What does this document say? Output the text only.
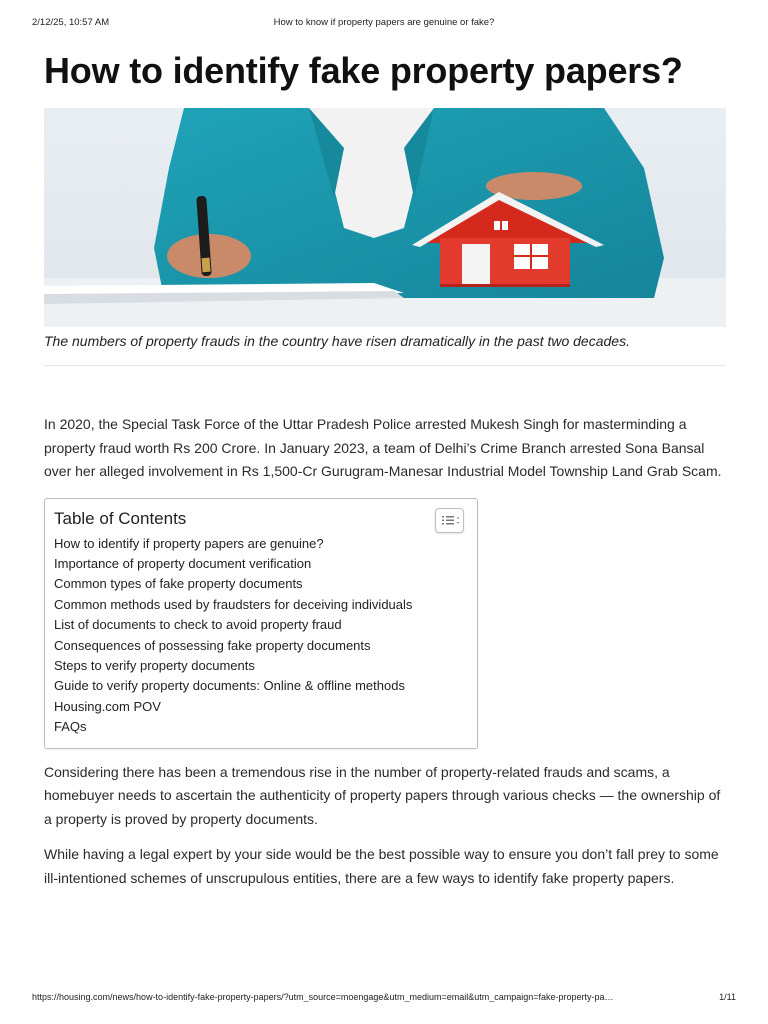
2/12/25, 10:57 AM	How to know if property papers are genuine or fake?
How to identify fake property papers?
The numbers of property frauds in the country have risen dramatically in the past two decades.

In 2020, the Special Task Force of the Uttar Pradesh Police arrested Mukesh Singh for masterminding a property fraud worth Rs 200 Crore. In January 2023, a team of Delhi’s Crime Branch arrested Sona Bansal over her alleged involvement in Rs 1,500-Cr Gurugram-Manesar Industrial Model Township Land Grab Scam.

Table of Contents
How to identify if property papers are genuine?
Importance of property document verification
Common types of fake property documents
Common methods used by fraudsters for deceiving individuals
List of documents to check to avoid property fraud
Consequences of possessing fake property documents
Steps to verify property documents
Guide to verify property documents: Online & offline methods
Housing.com POV
FAQs

Considering there has been a tremendous rise in the number of property-related frauds and scams, a homebuyer needs to ascertain the authenticity of property papers through various checks — the ownership of a property is proved by property documents.

While having a legal expert by your side would be the best possible way to ensure you don’t fall prey to some ill-intentioned schemes of unscrupulous entities, there are a few ways to identify fake property papers.

https://housing.com/news/how-to-identify-fake-property-papers/?utm_source=moengage&utm_medium=email&utm_campaign=fake-property-pa…	1/11
